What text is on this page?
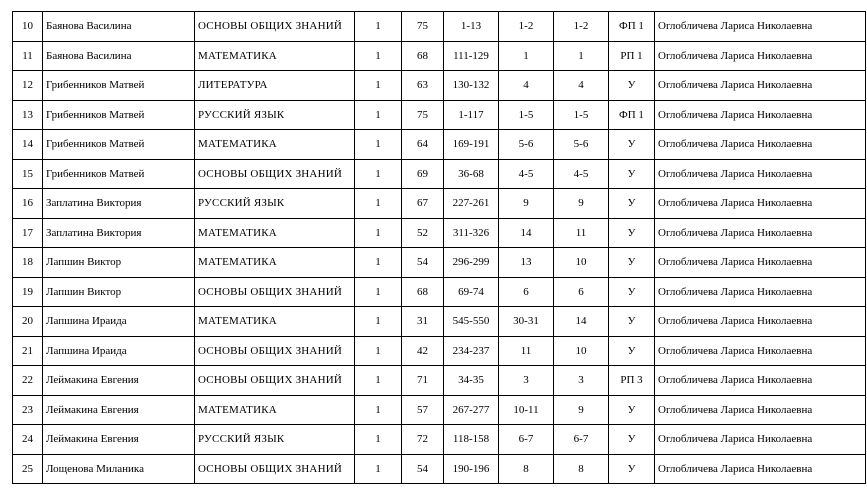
10	Баянова Василина	ОСНОВЫ ОБЩИХ ЗНАНИЙ	1	75	1-13	1-2	1-2	ФП 1	Оглобличева Лариса Николаевна
11	Баянова Василина	МАТЕМАТИКА	1	68	111-129	1	1	РП 1	Оглобличева Лариса Николаевна
12	Грибенников Матвей	ЛИТЕРАТУРА	1	63	130-132	4	4	У	Оглобличева Лариса Николаевна
13	Грибенников Матвей	РУССКИЙ ЯЗЫК	1	75	1-117	1-5	1-5	ФП 1	Оглобличева Лариса Николаевна
14	Грибенников Матвей	МАТЕМАТИКА	1	64	169-191	5-6	5-6	У	Оглобличева Лариса Николаевна
15	Грибенников Матвей	ОСНОВЫ ОБЩИХ ЗНАНИЙ	1	69	36-68	4-5	4-5	У	Оглобличева Лариса Николаевна
16	Заплатина Виктория	РУССКИЙ ЯЗЫК	1	67	227-261	9	9	У	Оглобличева Лариса Николаевна
17	Заплатина Виктория	МАТЕМАТИКА	1	52	311-326	14	11	У	Оглобличева Лариса Николаевна
18	Лапшин Виктор	МАТЕМАТИКА	1	54	296-299	13	10	У	Оглобличева Лариса Николаевна
19	Лапшин Виктор	ОСНОВЫ ОБЩИХ ЗНАНИЙ	1	68	69-74	6	6	У	Оглобличева Лариса Николаевна
20	Лапшина Ираида	МАТЕМАТИКА	1	31	545-550	30-31	14	У	Оглобличева Лариса Николаевна
21	Лапшина Ираида	ОСНОВЫ ОБЩИХ ЗНАНИЙ	1	42	234-237	11	10	У	Оглобличева Лариса Николаевна
22	Леймакина Евгения	ОСНОВЫ ОБЩИХ ЗНАНИЙ	1	71	34-35	3	3	РП 3	Оглобличева Лариса Николаевна
23	Леймакина Евгения	МАТЕМАТИКА	1	57	267-277	10-11	9	У	Оглобличева Лариса Николаевна
24	Леймакина Евгения	РУССКИЙ ЯЗЫК	1	72	118-158	6-7	6-7	У	Оглобличева Лариса Николаевна
25	Лощенова Миланика	ОСНОВЫ ОБЩИХ ЗНАНИЙ	1	54	190-196	8	8	У	Оглобличева Лариса Николаевна
